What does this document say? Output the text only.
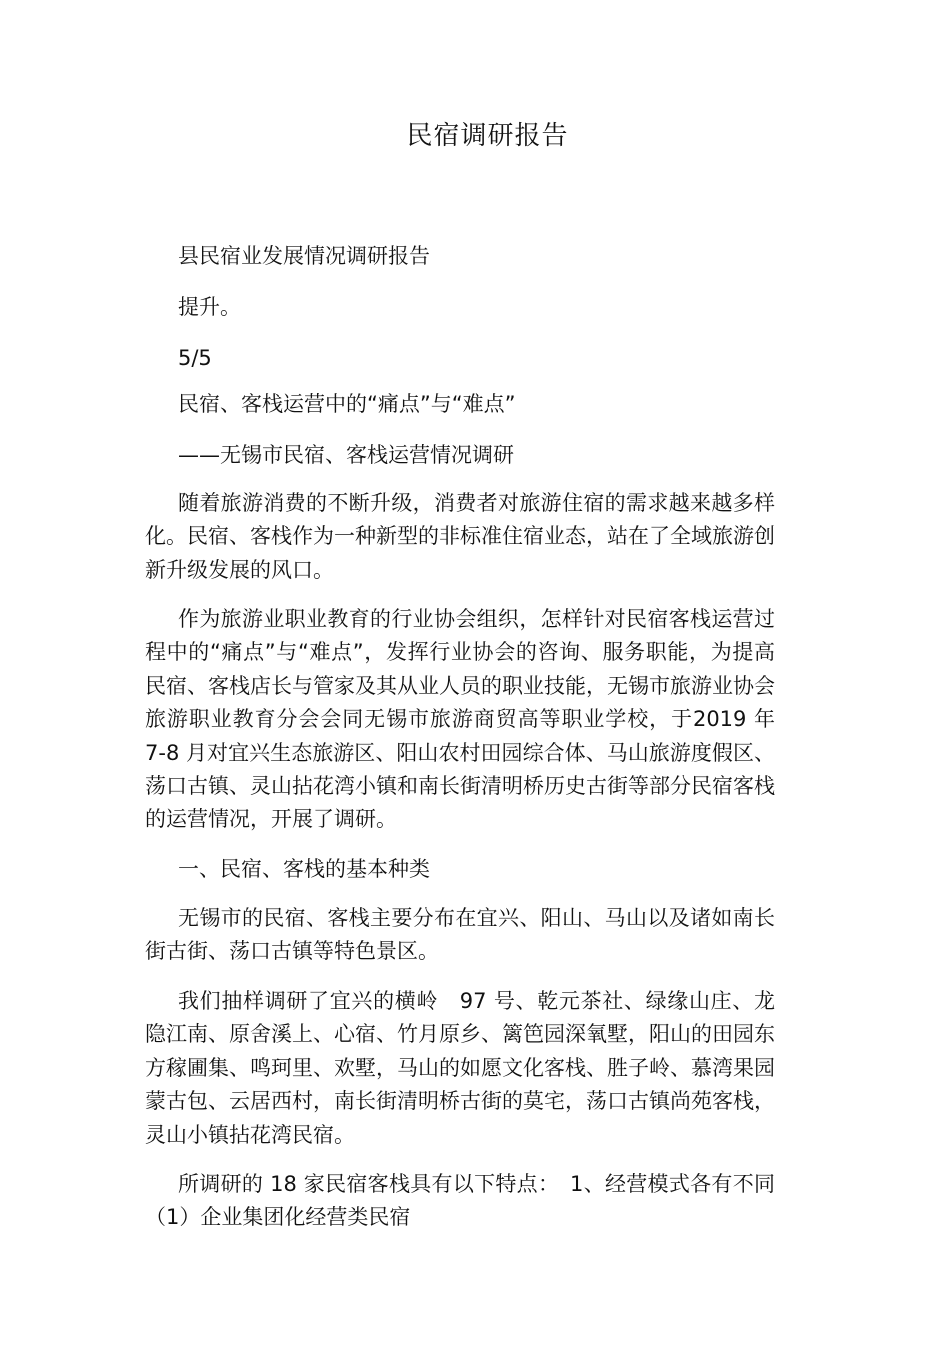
民宿调研报告
县民宿业发展情况调研报告
提升。
5/5
民宿、客栈运营中的“痛点”与“难点”
——无锡市民宿、客栈运营情况调研

随着旅游消费的不断升级，消费者对旅游住宿的需求越来越多样化。民宿、客栈作为一种新型的非标准住宿业态，站在了全域旅游创新升级发展的风口。

作为旅游业职业教育的行业协会组织，怎样针对民宿客栈运营过程中的“痛点”与“难点”，发挥行业协会的咨询、服务职能，为提高民宿、客栈店长与管家及其从业人员的职业技能，无锡市旅游业协会旅游职业教育分会会同无锡市旅游商贸高等职业学校，于2019 年 7-8 月对宜兴生态旅游区、阳山农村田园综合体、马山旅游度假区、荡口古镇、灵山拈花湾小镇和南长街清明桥历史古街等部分民宿客栈的运营情况，开展了调研。

一、民宿、客栈的基本种类

无锡市的民宿、客栈主要分布在宜兴、阳山、马山以及诸如南长街古街、荡口古镇等特色景区。

我们抽样调研了宜兴的横岭　97 号、乾元茶社、绿缘山庄、龙隐江南、原舍溪上、心宿、竹月原乡、篱笆园深氧墅，阳山的田园东方稼圃集、鸣珂里、欢墅，马山的如愿文化客栈、胜子岭、慕湾果园蒙古包、云居西村，南长街清明桥古街的莫宅，荡口古镇尚苑客栈，灵山小镇拈花湾民宿。

所调研的 18 家民宿客栈具有以下特点：　1、经营模式各有不同（1）企业集团化经营类民宿
